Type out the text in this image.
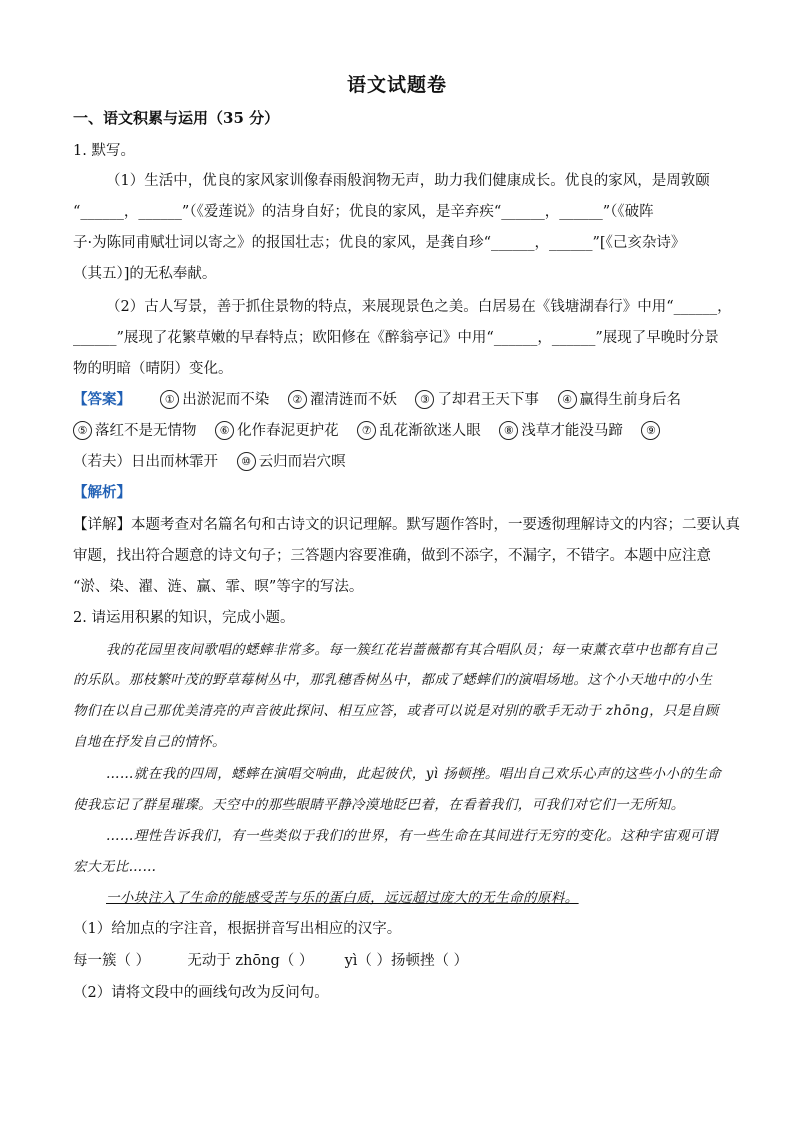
语文试题卷
一、语文积累与运用（35 分）
1. 默写。
（1）生活中，优良的家风家训像春雨般润物无声，助力我们健康成长。优良的家风，是周敦颐
“______，______”（《爱莲说》的洁身自好；优良的家风，是辛弃疾“______，______”（《破阵
子·为陈同甫赋壮词以寄之》的报国壮志；优良的家风，是龚自珍“______，______”[《己亥杂诗》
（其五）]的无私奉献。
（2）古人写景，善于抓住景物的特点，来展现景色之美。白居易在《钱塘湖春行》中用“______，
______”展现了花繁草嫩的早春特点；欧阳修在《醉翁亭记》中用“______，______”展现了早晚时分景
物的明暗（晴阴）变化。
【答案】	① 出淤泥而不染 ② 濯清涟而不妖 ③ 了却君王天下事 ④ 赢得生前身后名
⑤ 落红不是无情物 ⑥ 化作春泥更护花 ⑦ 乱花渐欲迷人眼 ⑧ 浅草才能没马蹄 ⑨
（若夫）日出而林霏开 ⑩ 云归而岩穴暝
【解析】
【详解】本题考查对名篇名句和古诗文的识记理解。默写题作答时，一要透彻理解诗文的内容；二要认真
审题，找出符合题意的诗文句子；三答题内容要准确，做到不添字，不漏字，不错字。本题中应注意
“淤、染、濯、涟、赢、霏、暝”等字的写法。
2. 请运用积累的知识，完成小题。
我的花园里夜间歌唱的蟋蟀非常多。每一簇红花岩蔷薇都有其合唱队员；每一束薰衣草中也都有自己
的乐队。那枝繁叶茂的野草莓树丛中，那乳穗香树丛中，都成了蟋蟀们的演唱场地。这个小天地中的小生
物们在以自己那优美清亮的声音彼此探问、相互应答，或者可以说是对别的歌手无动于 zhōng，只是自顾
自地在抒发自己的情怀。
……就在我的四周，蟋蟀在演唱交响曲，此起彼伏，yì 扬顿挫。唱出自己欢乐心声的这些小小的生命
使我忘记了群星璀璨。天空中的那些眼睛平静冷漠地眨巴着，在看着我们，可我们对它们一无所知。
……理性告诉我们，有一些类似于我们的世界，有一些生命在其间进行无穷的变化。这种宇宙观可谓
宏大无比……
一小块注入了生命的能感受苦与乐的蛋白质，远远超过庞大的无生命的原料。
（1）给加点的字注音，根据拼音写出相应的汉字。
每一簇（ ）	无动于 zhōng（ ） yì（ ）扬顿挫（ ）
（2）请将文段中的画线句改为反问句。
